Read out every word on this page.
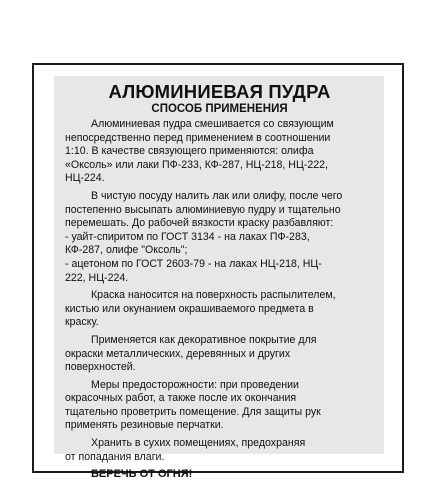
АЛЮМИНИЕВАЯ ПУДРА
СПОСОБ ПРИМЕНЕНИЯ
Алюминиевая пудра смешивается со связующим
непосредственно перед применением в соотношении
1:10. В качестве связующего применяются: олифа
«Оксоль» или лаки ПФ-233, КФ-287, НЦ-218, НЦ-222,
НЦ-224.
В чистую посуду налить лак или олифу, после чего
постепенно высыпать алюминиевую пудру и тщательно
перемешать. До рабочей вязкости краску разбавляют:
- уайт-спиритом по ГОСТ 3134 - на лаках ПФ-283,
КФ-287, олифе "Оксоль";
- ацетоном по ГОСТ 2603-79 - на лаках НЦ-218, НЦ-
222, НЦ-224.
Краска наносится на поверхность распылителем,
кистью или окунанием окрашиваемого предмета в
краску.
Применяется как декоративное покрытие для
окраски металлических, деревянных и других
поверхностей.
Меры предосторожности: при проведении
окрасочных работ, а также после их окончания
тщательно проветрить помещение. Для защиты рук
применять резиновые перчатки.
Хранить в сухих помещениях, предохраняя
от попадания влаги.
БЕРЕЧЬ ОТ ОГНЯ!
